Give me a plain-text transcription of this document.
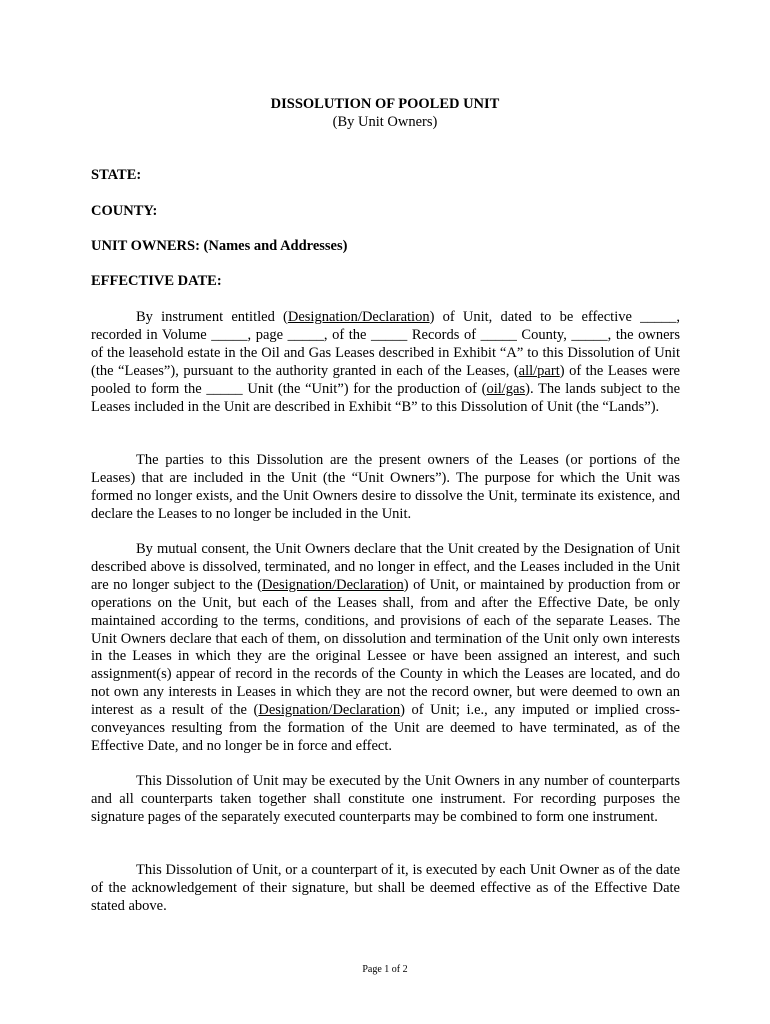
DISSOLUTION OF POOLED UNIT
(By Unit Owners)
STATE:
COUNTY:
UNIT OWNERS: (Names and Addresses)
EFFECTIVE DATE:

By instrument entitled (Designation/Declaration) of Unit, dated to be effective _____, recorded in Volume _____, page _____, of the _____ Records of _____ County, _____, the owners of the leasehold estate in the Oil and Gas Leases described in Exhibit “A” to this Dissolution of Unit (the “Leases”), pursuant to the authority granted in each of the Leases, (all/part) of the Leases were pooled to form the _____ Unit (the “Unit”) for the production of (oil/gas). The lands subject to the Leases included in the Unit are described in Exhibit “B” to this Dissolution of Unit (the “Lands”).

The parties to this Dissolution are the present owners of the Leases (or portions of the Leases) that are included in the Unit (the “Unit Owners”). The purpose for which the Unit was formed no longer exists, and the Unit Owners desire to dissolve the Unit, terminate its existence, and declare the Leases to no longer be included in the Unit.

By mutual consent, the Unit Owners declare that the Unit created by the Designation of Unit described above is dissolved, terminated, and no longer in effect, and the Leases included in the Unit are no longer subject to the (Designation/Declaration) of Unit, or maintained by production from or operations on the Unit, but each of the Leases shall, from and after the Effective Date, be only maintained according to the terms, conditions, and provisions of each of the separate Leases. The Unit Owners declare that each of them, on dissolution and termination of the Unit only own interests in the Leases in which they are the original Lessee or have been assigned an interest, and such assignment(s) appear of record in the records of the County in which the Leases are located, and do not own any interests in Leases in which they are not the record owner, but were deemed to own an interest as a result of the (Designation/Declaration) of Unit; i.e., any imputed or implied cross-conveyances resulting from the formation of the Unit are deemed to have terminated, as of the Effective Date, and no longer be in force and effect.

This Dissolution of Unit may be executed by the Unit Owners in any number of counterparts and all counterparts taken together shall constitute one instrument. For recording purposes the signature pages of the separately executed counterparts may be combined to form one instrument.

This Dissolution of Unit, or a counterpart of it, is executed by each Unit Owner as of the date of the acknowledgement of their signature, but shall be deemed effective as of the Effective Date stated above.

Page 1 of 2
